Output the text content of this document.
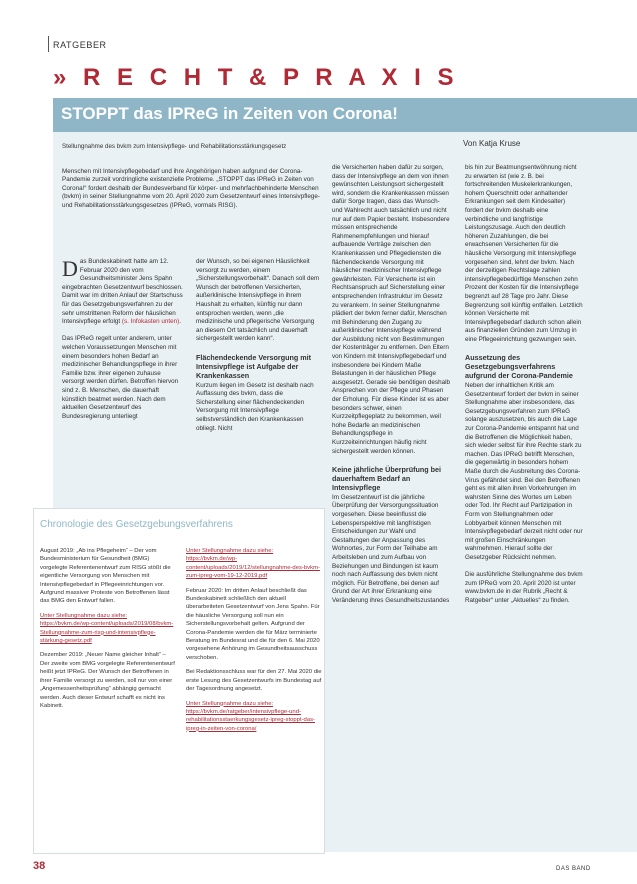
RATGEBER
» R E C H T & P R A X I S
STOPPT das IPReG in Zeiten von Corona!
Stellungnahme des bvkm zum Intensivpflege- und Rehabilitationsstärkungsgesetz	Von Katja Kruse

Menschen mit Intensivpflegebedarf und ihre Angehörigen haben aufgrund der Corona-Pandemie zurzeit vordringliche existenzielle Probleme. „STOPPT das IPReG in Zeiten von Corona!“ fordert deshalb der Bundesverband für körper- und mehrfachbehinderte Menschen (bvkm) in seiner Stellungnahme vom 20. April 2020 zum Gesetzentwurf eines Intensivpflege- und Rehabilitationsstärkungsgesetzes (IPReG, vormals RISG).

Das Bundeskabinett hatte am 12. Februar 2020 den vom Gesundheitsminister Jens Spahn eingebrachten Gesetzentwurf beschlossen. Damit war im dritten Anlauf der Startschuss für das Gesetzgebungsverfahren zu der sehr umstrittenen Reform der häuslichen Intensivpflege erfolgt (s. Infokasten unten).

Das IPReG regelt unter anderem, unter welchen Voraussetzungen Menschen mit einem besonders hohen Bedarf an medizinischer Behandlungspflege in ihrer Familie bzw. ihrer eigenen zuhause versorgt werden dürfen. Betroffen hiervon sind z. B. Menschen, die dauerhaft künstlich beatmet werden. Nach dem aktuellen Gesetzentwurf des Bundesregierung unterliegt

der Wunsch, so bei eigenen Häuslichkeit versorgt zu werden, einem „Sicherstellungsvorbehalt“. Danach soll dem Wunsch der betroffenen Versicherten, außerklinische Intensivpflege in ihrem Haushalt zu erhalten, künftig nur dann entsprochen werden, wenn „die medizinische und pflegerische Versorgung an diesem Ort tatsächlich und dauerhaft sichergestellt werden kann“.

Flächendeckende Versorgung mit Intensivpflege ist Aufgabe der Krankenkassen

Kurzum liegen im Gesetz ist deshalb nach Auffassung des bvkm, dass die Sicherstellung einer flächendeckenden Versorgung mit Intensivpflege selbstverständlich den Krankenkassen obliegt. Nicht

die Versicherten haben dafür zu sorgen, dass der Intensivpflege an dem von ihnen gewünschten Leistungsort sichergestellt wird, sondern die Krankenkassen müssen dafür Sorge tragen, dass das Wunsch- und Wahlrecht auch tatsächlich und nicht nur auf dem Papier besteht. Insbesondere müssen entsprechende Rahmenempfehlungen und hierauf aufbauende Verträge zwischen den Krankenkassen und Pflegediensten die flächendeckende Versorgung mit häuslicher medizinischer Intensivpflege gewährleisten. Für Versicherte ist ein Rechtsanspruch auf Sicherstellung einer entsprechenden Infrastruktur im Gesetz zu verankern. In seiner Stellungnahme plädiert der bvkm ferner dafür, Menschen mit Behinderung den Zugang zu außerklinischer Intensivpflege während der Ausbildung nicht von Bestimmungen der Kostenträger zu entfernen. Den Eltern von Kindern mit Intensivpflegebedarf und insbesondere bei Kindern Maße Belastungen in der häuslichen Pflege ausgesetzt. Gerade sie benötigen deshalb Ansprechen von der Pflege und Phasen der Erholung. Für diese Kinder ist es aber besonders schwer, einen Kurzzeitpflegeplatz zu bekommen, weil hohe Bedarfe an medizinischen Behandlungspflege in Kurzzeiteinrichtungen häufig nicht sichergestellt werden können.

Keine jährliche Überprüfung bei dauerhaftem Bedarf an Intensivpflege

Im Gesetzentwurf ist die jährliche Überprüfung der Versorgungssituation vorgesehen. Diese beeinflusst die Lebensperspektive mit langfristigen Entscheidungen zur Wahl und Gestaltungen der Anpassung des Wohnortes, zur Form der Teilhabe am Arbeitsleben und zum Aufbau von Beziehungen und Bindungen ist kaum noch nach Auffassung des bvkm nicht möglich. Für Betroffene, bei denen auf Grund der Art ihrer Erkrankung eine Veränderung ihres Gesundheitszustandes

bis hin zur Beatmungsentwöhnung nicht zu erwarten ist (wie z. B. bei fortschreitenden Muskelerkrankungen, hohem Querschnitt oder anhaltender Erkrankungen seit dem Kindesalter) fordert der bvkm deshalb eine verbindliche und langfristige Leistungszusage. Auch den deutlich höheren Zuzahlungen, die bei erwachsenen Versicherten für die häusliche Versorgung mit Intensivpflege vorgesehen sind, lehnt der bvkm. Nach der derzeitigen Rechtslage zahlen intensivpflegebedürftige Menschen zehn Prozent der Kosten für die Intensivpflege begrenzt auf 28 Tage pro Jahr. Diese Begrenzung soll künftig entfallen. Letztlich können Versicherte mit Intensivpflegebedarf dadurch schon allein aus finanziellen Gründen zum Umzug in eine Pflegeeinrichtung gezwungen sein.

Aussetzung des Gesetzgebungsverfahrens aufgrund der Corona-Pandemie

Neben der inhaltlichen Kritik am Gesetzentwurf fordert der bvkm in seiner Stellungnahme aber insbesondere, das Gesetzgebungsverfahren zum IPReG solange auszusetzen, bis auch die Lage zur Corona-Pandemie entspannt hat und die Betroffenen die Möglichkeit haben, sich wieder selbst für ihre Rechte stark zu machen. Das IPReG betrifft Menschen, die gegenwärtig in besonders hohem Maße durch die Ausbreitung des Corona-Virus gefährdet sind. Bei den Betroffenen geht es mit allen ihren Vorkehrungen im wahrsten Sinne des Wortes um Leben oder Tod. Ihr Recht auf Partizipation in Form von Stellungnahmen oder Lobbyarbeit können Menschen mit Intensivpflegebedarf derzeit nicht oder nur mit großen Einschränkungen wahrnehmen. Hierauf sollte der Gesetzgeber Rücksicht nehmen.

Die ausführliche Stellungnahme des bvkm zum IPReG vom 20. April 2020 ist unter www.bvkm.de in der Rubrik „Recht & Ratgeber“ unter „Aktuelles“ zu finden.

Chronologie des Gesetzgebungsverfahrens

August 2019: „Ab ins Pflegeheim“ – Der vom Bundesministerium für Gesundheit (BMG) vorgelegte Referentenentwurf zum RISG stößt die eigentliche Versorgung von Menschen mit Intensivpflegebedarf in Pflegeeinrichtungen vor. Aufgrund massiver Proteste von Betroffenen lässt das BMG den Entwurf fallen.

Unter Stellungnahme dazu siehe: https://bvkm.de/wp-content/uploads/2019/08/bvkm-Stellungnahme-zum-risg-und-intensivpflege-stärkung-gesetz.pdf

Dezember 2019: „Neuer Name gleicher Inhalt“ – Der zweite vom BMG vorgelegte Referentenentwurf heißt jetzt IPReG. Der Wunsch der Betroffenen in ihrer Familie versorgt zu werden, soll nur von einer „Angemessenheitsprüfung“ abhängig gemacht werden. Auch dieser Entwurf schafft es nicht ins Kabinett.

Unter Stellungnahme dazu siehe: https://bvkm.de/wp-content/uploads/2019/12/stellungnahme-des-bvkm-zum-ipreg-vom-19-12-2019.pdf

Februar 2020: Im dritten Anlauf beschließt das Bundeskabinett schließlich den aktuell überarbeiteten Gesetzentwurf von Jens Spahn. Für die häusliche Versorgung soll nun ein Sicherstellungsvorbehalt gelten. Aufgrund der Corona-Pandemie werden die für März terminierte Beratung im Bundesrat und die für den 6. Mai 2020 vorgesehene Anhörung im Gesundheitsausschuss verschoben.

Bei Redaktionsschluss war für den 27. Mai 2020 die erste Lesung des Gesetzentwurfs im Bundestag auf der Tagesordnung angesetzt.

Unter Stellungnahme dazu siehe: https://bvkm.de/ratgeber/intensivpflege-und-rehabilitationsstaerkungsgesetz-ipreg-stoppt-das-ipreg-in-zeiten-von-corona/

38	DAS BAND
